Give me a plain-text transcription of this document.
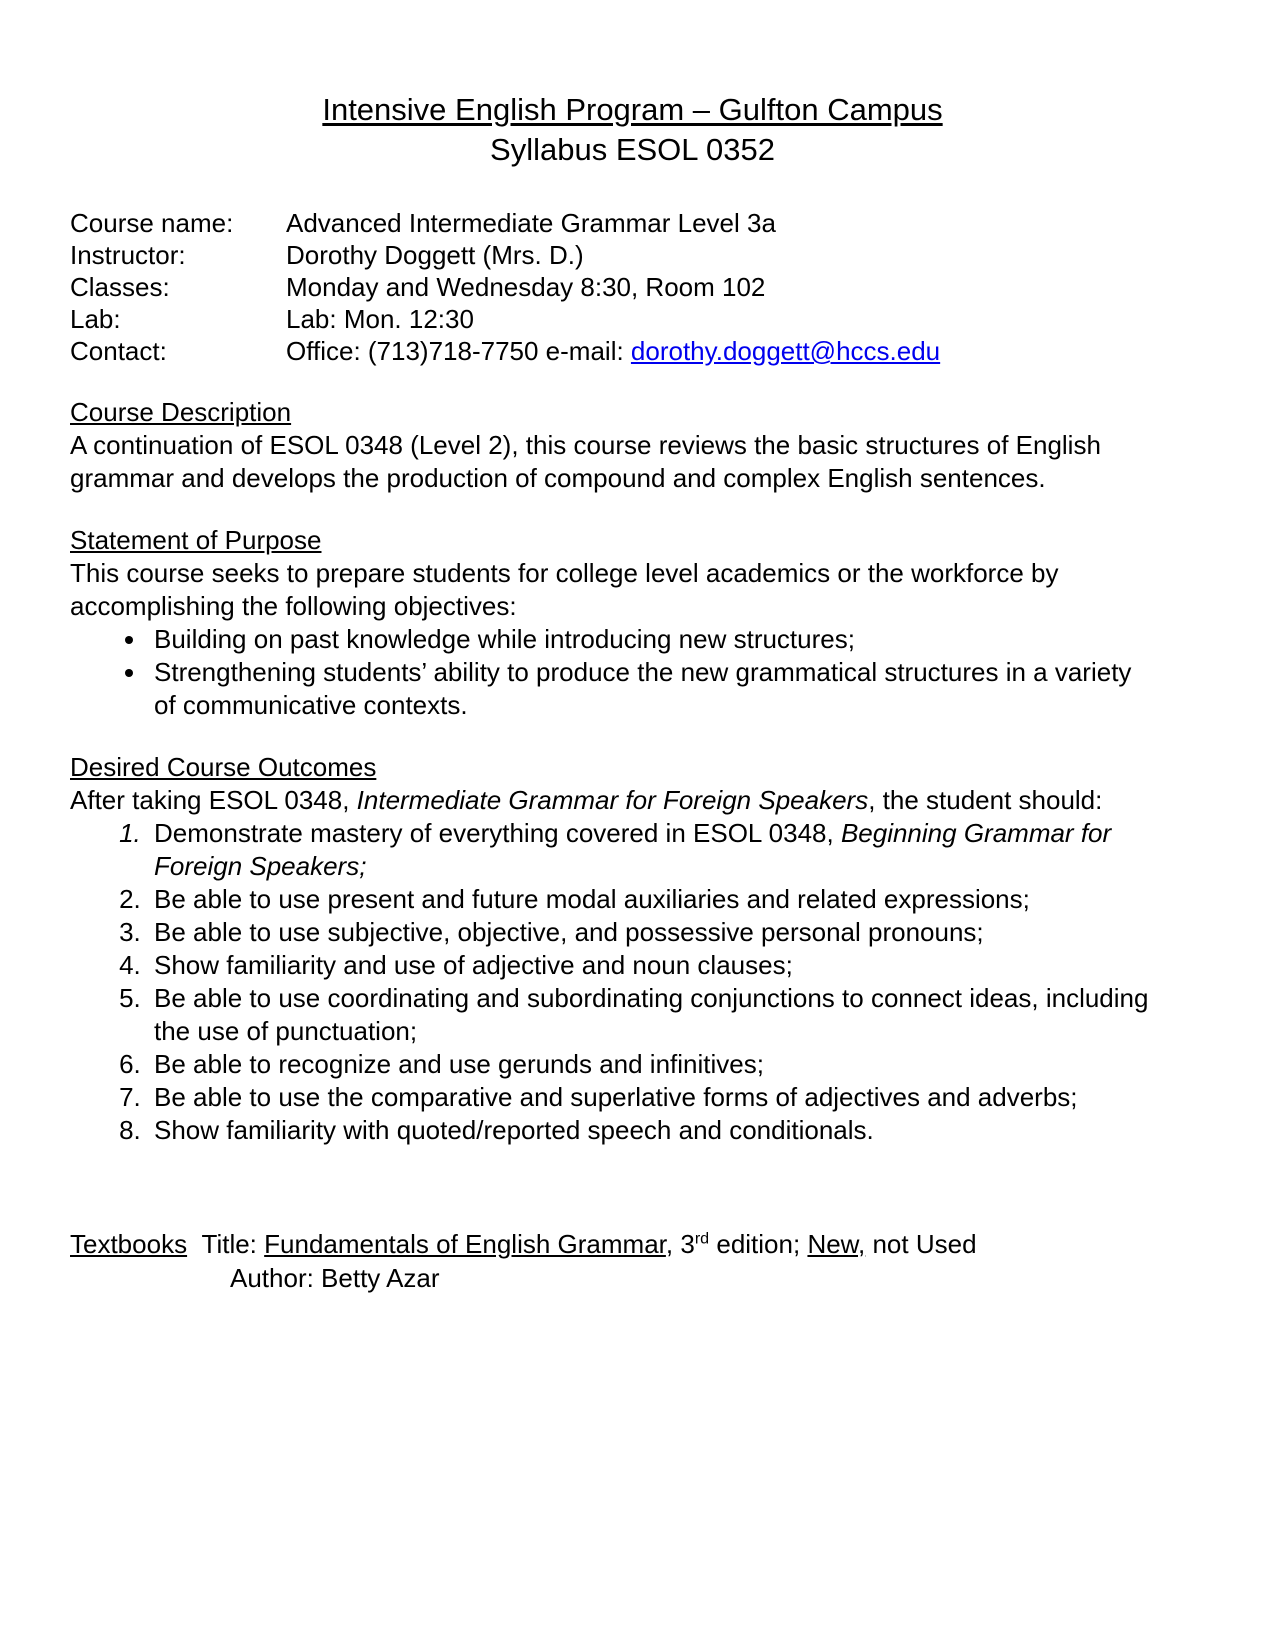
Intensive English Program – Gulfton Campus
Syllabus ESOL 0352
Course name:	Advanced Intermediate Grammar Level 3a
Instructor:	Dorothy Doggett (Mrs. D.)
Classes:	Monday and Wednesday 8:30, Room 102
Lab:	Lab: Mon. 12:30
Contact:	Office: (713)718-7750 e-mail: dorothy.doggett@hccs.edu
Course Description
A continuation of ESOL 0348 (Level 2), this course reviews the basic structures of English grammar and develops the production of compound and complex English sentences.
Statement of Purpose
This course seeks to prepare students for college level academics or the workforce by accomplishing the following objectives:
• Building on past knowledge while introducing new structures;
• Strengthening students’ ability to produce the new grammatical structures in a variety of communicative contexts.
Desired Course Outcomes
After taking ESOL 0348, Intermediate Grammar for Foreign Speakers, the student should:
1. Demonstrate mastery of everything covered in ESOL 0348, Beginning Grammar for Foreign Speakers;
2. Be able to use present and future modal auxiliaries and related expressions;
3. Be able to use subjective, objective, and possessive personal pronouns;
4. Show familiarity and use of adjective and noun clauses;
5. Be able to use coordinating and subordinating conjunctions to connect ideas, including the use of punctuation;
6. Be able to recognize and use gerunds and infinitives;
7. Be able to use the comparative and superlative forms of adjectives and adverbs;
8. Show familiarity with quoted/reported speech and conditionals.
Textbooks Title: Fundamentals of English Grammar, 3rd edition; New, not Used
Author: Betty Azar
